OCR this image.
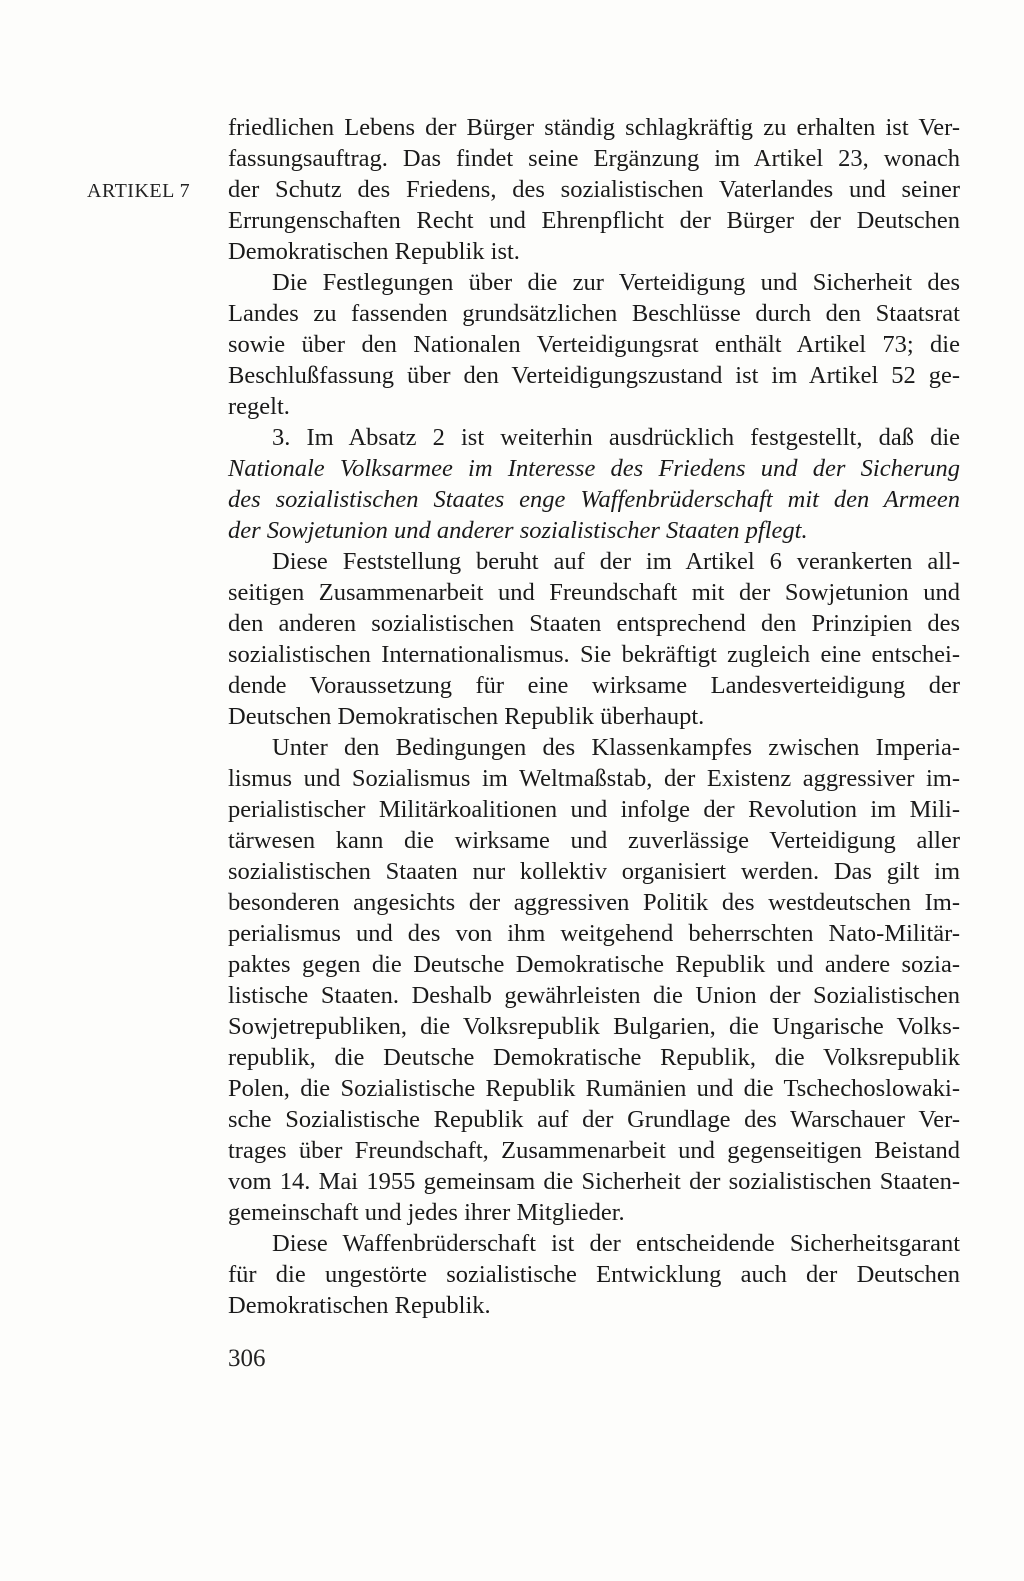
ARTIKEL 7

friedlichen Lebens der Bürger ständig schlagkräftig zu erhalten ist Ver-
fassungsauftrag. Das findet seine Ergänzung im Artikel 23, wonach
der Schutz des Friedens, des sozialistischen Vaterlandes und seiner
Errungenschaften Recht und Ehrenpflicht der Bürger der Deutschen
Demokratischen Republik ist.

Die Festlegungen über die zur Verteidigung und Sicherheit des
Landes zu fassenden grundsätzlichen Beschlüsse durch den Staatsrat
sowie über den Nationalen Verteidigungsrat enthält Artikel 73; die
Beschlußfassung über den Verteidigungszustand ist im Artikel 52 ge-
regelt.

3. Im Absatz 2 ist weiterhin ausdrücklich festgestellt, daß die
Nationale Volksarmee im Interesse des Friedens und der Sicherung
des sozialistischen Staates enge Waffenbrüderschaft mit den Armeen
der Sowjetunion und anderer sozialistischer Staaten pflegt.

Diese Feststellung beruht auf der im Artikel 6 verankerten all-
seitigen Zusammenarbeit und Freundschaft mit der Sowjetunion und
den anderen sozialistischen Staaten entsprechend den Prinzipien des
sozialistischen Internationalismus. Sie bekräftigt zugleich eine entschei-
dende Voraussetzung für eine wirksame Landesverteidigung der
Deutschen Demokratischen Republik überhaupt.

Unter den Bedingungen des Klassenkampfes zwischen Imperia-
lismus und Sozialismus im Weltmaßstab, der Existenz aggressiver im-
perialistischer Militärkoalitionen und infolge der Revolution im Mili-
tärwesen kann die wirksame und zuverlässige Verteidigung aller
sozialistischen Staaten nur kollektiv organisiert werden. Das gilt im
besonderen angesichts der aggressiven Politik des westdeutschen Im-
perialismus und des von ihm weitgehend beherrschten Nato-Militär-
paktes gegen die Deutsche Demokratische Republik und andere sozia-
listische Staaten. Deshalb gewährleisten die Union der Sozialistischen
Sowjetrepubliken, die Volksrepublik Bulgarien, die Ungarische Volks-
republik, die Deutsche Demokratische Republik, die Volksrepublik
Polen, die Sozialistische Republik Rumänien und die Tschechoslowaki-
sche Sozialistische Republik auf der Grundlage des Warschauer Ver-
trages über Freundschaft, Zusammenarbeit und gegenseitigen Beistand
vom 14. Mai 1955 gemeinsam die Sicherheit der sozialistischen Staaten-
gemeinschaft und jedes ihrer Mitglieder.

Diese Waffenbrüderschaft ist der entscheidende Sicherheitsgarant
für die ungestörte sozialistische Entwicklung auch der Deutschen
Demokratischen Republik.

306
